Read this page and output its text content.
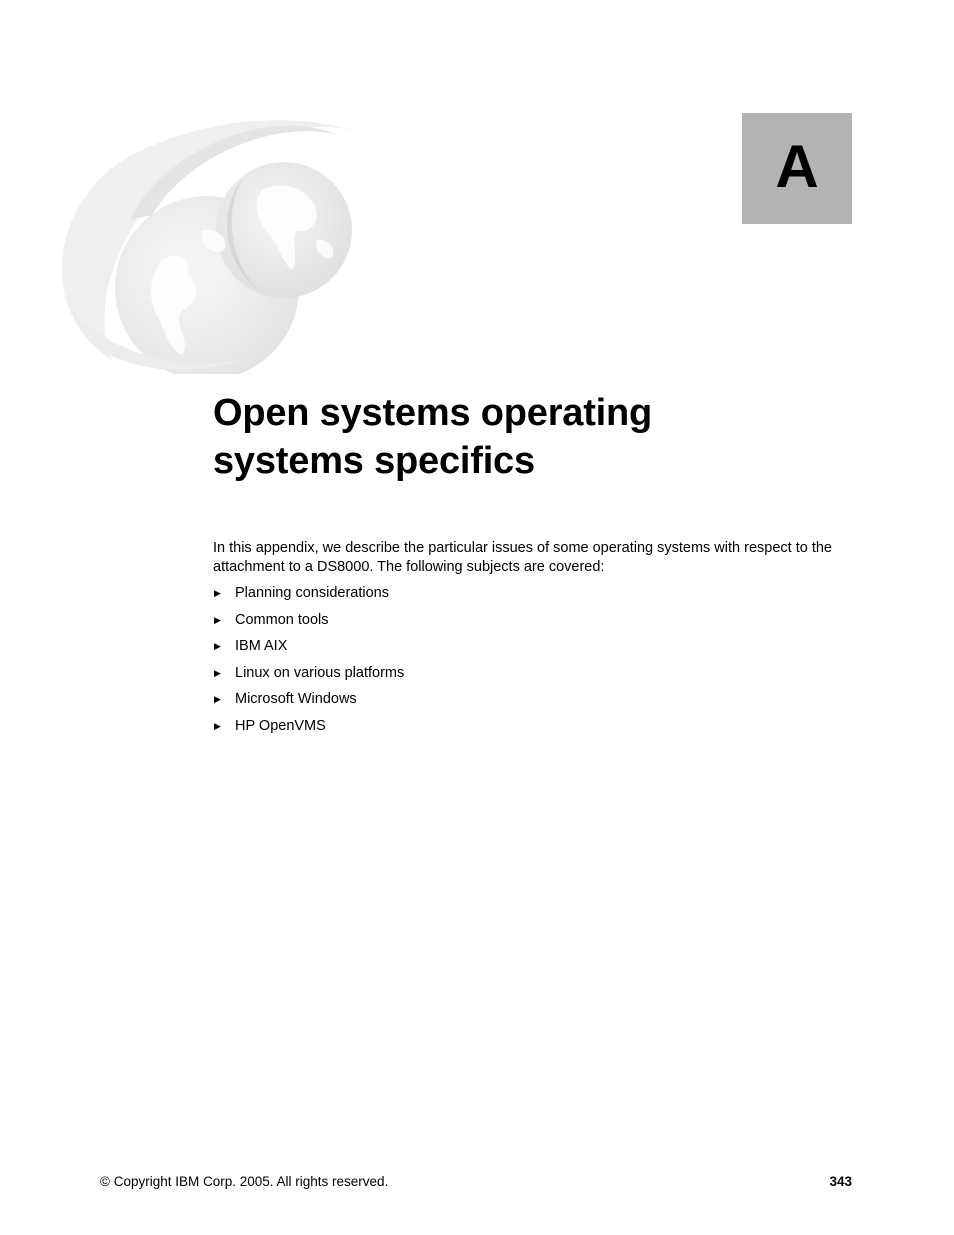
A
Open systems operating
systems specifics

In this appendix, we describe the particular issues of some operating systems with respect to the attachment to a DS8000. The following subjects are covered:

▶ Planning considerations
▶ Common tools
▶ IBM AIX
▶ Linux on various platforms
▶ Microsoft Windows
▶ HP OpenVMS
© Copyright IBM Corp. 2005. All rights reserved.	343
